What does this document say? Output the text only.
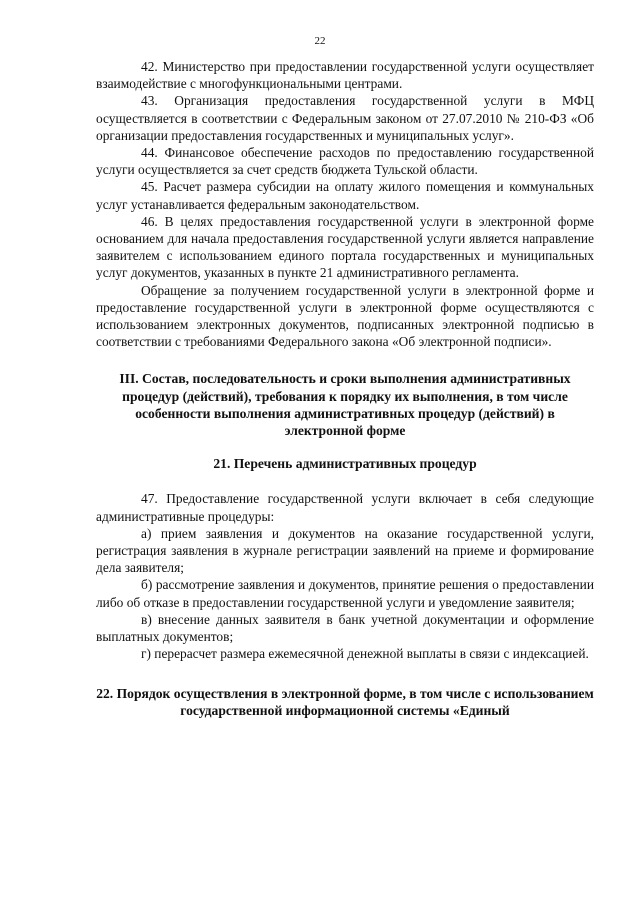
22

42. Министерство при предоставлении государственной услуги осуществляет взаимодействие с многофункциональными центрами.

43. Организация предоставления государственной услуги в МФЦ осуществляется в соответствии с Федеральным законом от 27.07.2010 № 210-ФЗ «Об организации предоставления государственных и муниципальных услуг».

44. Финансовое обеспечение расходов по предоставлению государственной услуги осуществляется за счет средств бюджета Тульской области.

45. Расчет размера субсидии на оплату жилого помещения и коммунальных услуг устанавливается федеральным законодательством.

46. В целях предоставления государственной услуги в электронной форме основанием для начала предоставления государственной услуги является направление заявителем с использованием единого портала государственных и муниципальных услуг документов, указанных в пункте 21 административного регламента.

Обращение за получением государственной услуги в электронной форме и предоставление государственной услуги в электронной форме осуществляются с использованием электронных документов, подписанных электронной подписью в соответствии с требованиями Федерального закона «Об электронной подписи».

III. Состав, последовательность и сроки выполнения административных процедур (действий), требования к порядку их выполнения, в том числе особенности выполнения административных процедур (действий) в электронной форме
21. Перечень административных процедур

47. Предоставление государственной услуги включает в себя следующие административные процедуры:

а) прием заявления и документов на оказание государственной услуги, регистрация заявления в журнале регистрации заявлений на приеме и формирование дела заявителя;

б) рассмотрение заявления и документов, принятие решения о предоставлении либо об отказе в предоставлении государственной услуги и уведомление заявителя;

в) внесение данных заявителя в банк учетной документации и оформление выплатных документов;

г) перерасчет размера ежемесячной денежной выплаты в связи с индексацией.

22. Порядок осуществления в электронной форме, в том числе с использованием государственной информационной системы «Единый
